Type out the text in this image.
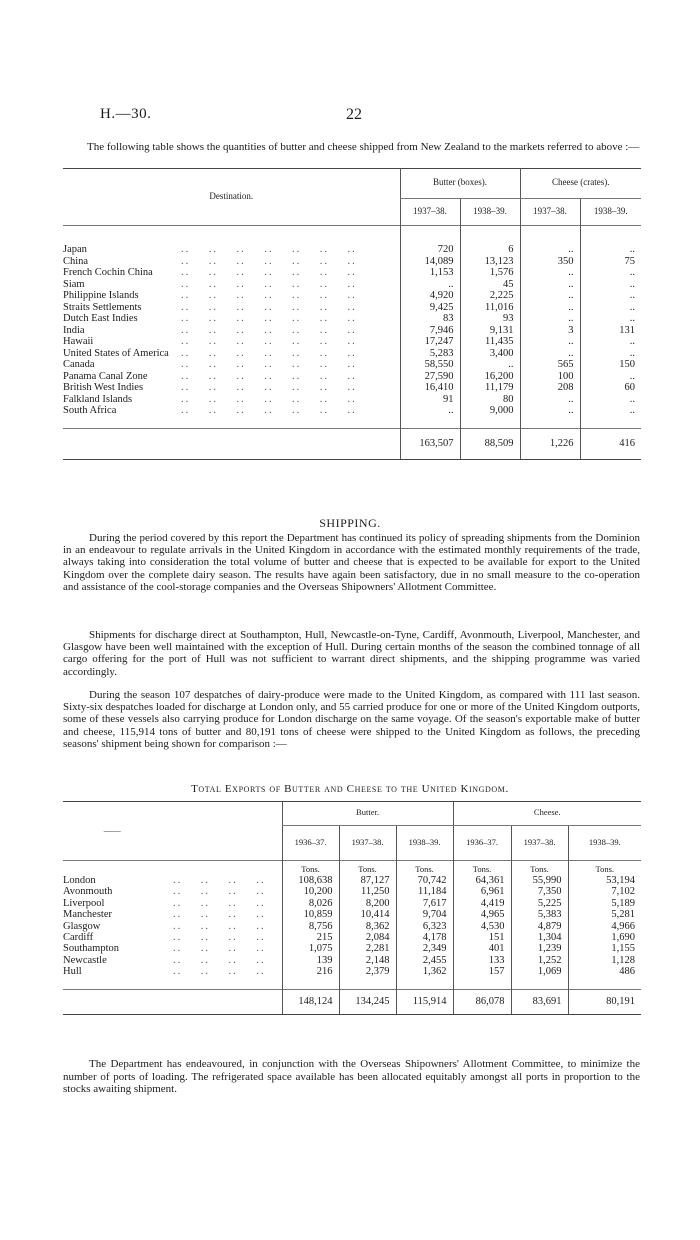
H.—30.	22
The following table shows the quantities of butter and cheese shipped from New Zealand to the markets referred to above :—
Destination.	Butter (boxes).		Cheese (crates).	
	1937–38.	1938–39.	1937–38.	1938–39.

Japan ..    ..    ..    ..    ..    ..    ..	720	6	..	..
China ..    ..    ..    ..    ..    ..    ..	14,089	13,123	350	75
French Cochin China ..    ..    ..    ..    ..    ..    ..	1,153	1,576	..	..
Siam ..    ..    ..    ..    ..    ..    ..	..	45	..	..
Philippine Islands ..    ..    ..    ..    ..    ..    ..	4,920	2,225	..	..
Straits Settlements ..    ..    ..    ..    ..    ..    ..	9,425	11,016	..	..
Dutch East Indies ..    ..    ..    ..    ..    ..    ..	83	93	..	..
India ..    ..    ..    ..    ..    ..    ..	7,946	9,131	3	131
Hawaii ..    ..    ..    ..    ..    ..    ..	17,247	11,435	..	..
United States of America ..    ..    ..    ..    ..    ..    ..	5,283	3,400	..	..
Canada ..    ..    ..    ..    ..    ..    ..	58,550	..	565	150
Panama Canal Zone ..    ..    ..    ..    ..    ..    ..	27,590	16,200	100	..
British West Indies ..    ..    ..    ..    ..    ..    ..	16,410	11,179	208	60
Falkland Islands ..    ..    ..    ..    ..    ..    ..	91	80	..	..
South Africa ..    ..    ..    ..    ..    ..    ..	..	9,000	..	..

	163,507	88,509	1,226	416
SHIPPING.
During the period covered by this report the Department has continued its policy of spreading shipments from the Dominion in an endeavour to regulate arrivals in the United Kingdom in accordance with the estimated monthly requirements of the trade, always taking into consideration the total volume of butter and cheese that is expected to be available for export to the United Kingdom over the complete dairy season. The results have again been satisfactory, due in no small measure to the co-operation and assistance of the cool-storage companies and the Overseas Shipowners' Allotment Committee.
Shipments for discharge direct at Southampton, Hull, Newcastle-on-Tyne, Cardiff, Avonmouth, Liverpool, Manchester, and Glasgow have been well maintained with the exception of Hull. During certain months of the season the combined tonnage of all cargo offering for the port of Hull was not sufficient to warrant direct shipments, and the shipping programme was varied accordingly.
During the season 107 despatches of dairy-produce were made to the United Kingdom, as compared with 111 last season. Sixty-six despatches loaded for discharge at London only, and 55 carried produce for one or more of the United Kingdom outports, some of these vessels also carrying produce for London discharge on the same voyage. Of the season's exportable make of butter and cheese, 115,914 tons of butter and 80,191 tons of cheese were shipped to the United Kingdom as follows, the preceding seasons' shipment being shown for comparison :—
Total Exports of Butter and Cheese to the United Kingdom.
——	Butter.			Cheese.		
	1936–37.	1937–38.	1938–39.	1936–37.	1937–38.	1938–39.
	Tons.	Tons.	Tons.	Tons.	Tons.	Tons.
London ..    ..    ..    ..	108,638	87,127	70,742	64,361	55,990	53,194
Avonmouth ..    ..    ..    ..	10,200	11,250	11,184	6,961	7,350	7,102
Liverpool ..    ..    ..    ..	8,026	8,200	7,617	4,419	5,225	5,189
Manchester ..    ..    ..    ..	10,859	10,414	9,704	4,965	5,383	5,281
Glasgow ..    ..    ..    ..	8,756	8,362	6,323	4,530	4,879	4,966
Cardiff ..    ..    ..    ..	215	2,084	4,178	151	1,304	1,690
Southampton ..    ..    ..    ..	1,075	2,281	2,349	401	1,239	1,155
Newcastle ..    ..    ..    ..	139	2,148	2,455	133	1,252	1,128
Hull ..    ..    ..    ..	216	2,379	1,362	157	1,069	486

	148,124	134,245	115,914	86,078	83,691	80,191
The Department has endeavoured, in conjunction with the Overseas Shipowners' Allotment Committee, to minimize the number of ports of loading. The refrigerated space available has been allocated equitably amongst all ports in proportion to the stocks awaiting shipment.
